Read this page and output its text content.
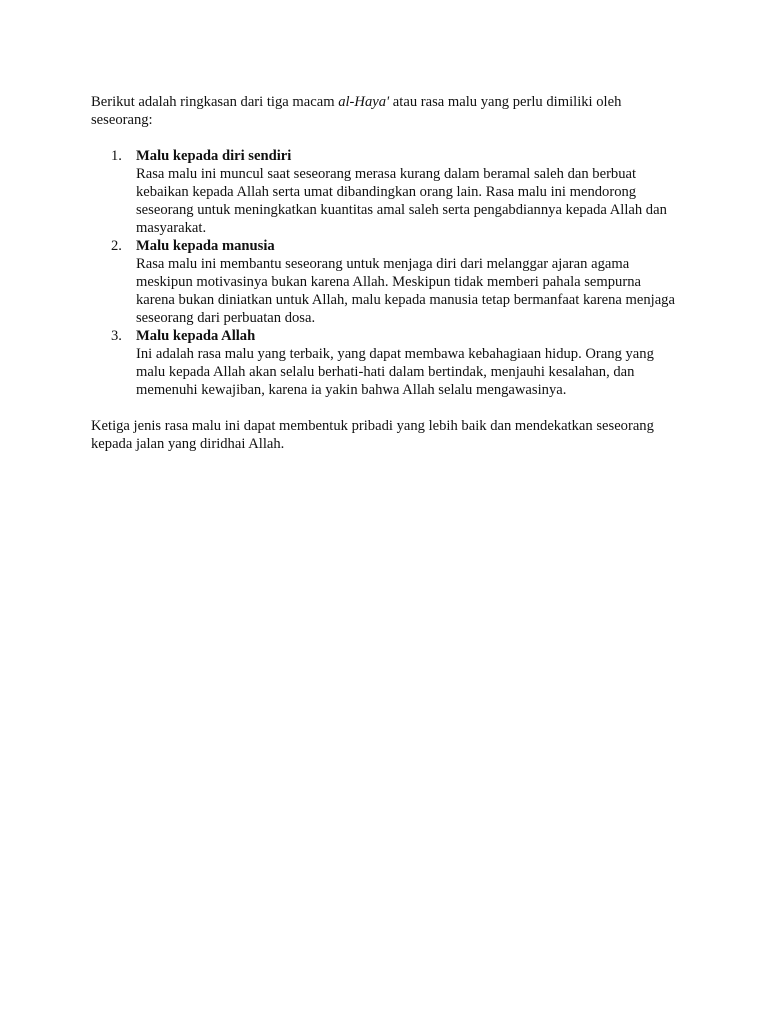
Berikut adalah ringkasan dari tiga macam al-Haya' atau rasa malu yang perlu dimiliki oleh seseorang:

1. Malu kepada diri sendiri
Rasa malu ini muncul saat seseorang merasa kurang dalam beramal saleh dan berbuat kebaikan kepada Allah serta umat dibandingkan orang lain. Rasa malu ini mendorong seseorang untuk meningkatkan kuantitas amal saleh serta pengabdiannya kepada Allah dan masyarakat.
2. Malu kepada manusia
Rasa malu ini membantu seseorang untuk menjaga diri dari melanggar ajaran agama meskipun motivasinya bukan karena Allah. Meskipun tidak memberi pahala sempurna karena bukan diniatkan untuk Allah, malu kepada manusia tetap bermanfaat karena menjaga seseorang dari perbuatan dosa.
3. Malu kepada Allah
Ini adalah rasa malu yang terbaik, yang dapat membawa kebahagiaan hidup. Orang yang malu kepada Allah akan selalu berhati-hati dalam bertindak, menjauhi kesalahan, dan memenuhi kewajiban, karena ia yakin bahwa Allah selalu mengawasinya.

Ketiga jenis rasa malu ini dapat membentuk pribadi yang lebih baik dan mendekatkan seseorang kepada jalan yang diridhai Allah.
